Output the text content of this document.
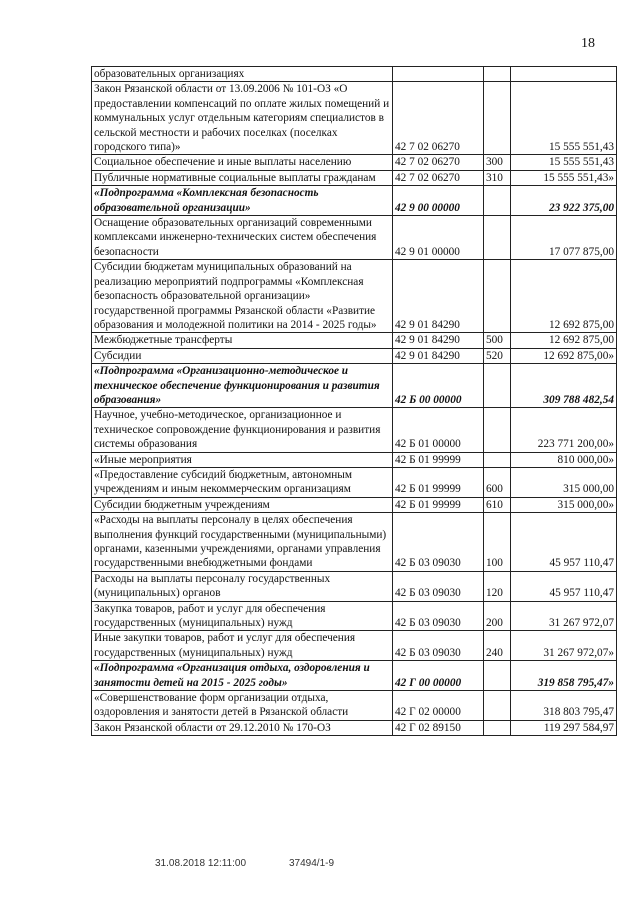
18
образовательных организациях			
Закон Рязанской области от 13.09.2006 № 101-ОЗ «О предоставлении компенсаций по оплате жилых помещений и коммунальных услуг отдельным категориям специалистов в сельской местности и рабочих поселках (поселках городского типа)»	42 7 02 06270		15 555 551,43
Социальное обеспечение и иные выплаты населению	42 7 02 06270	300	15 555 551,43
Публичные нормативные социальные выплаты гражданам	42 7 02 06270	310	15 555 551,43»
«Подпрограмма «Комплексная безопасность образовательной организации»	42 9 00 00000		23 922 375,00
Оснащение образовательных организаций современными комплексами инженерно-технических систем обеспечения безопасности	42 9 01 00000		17 077 875,00
Субсидии бюджетам муниципальных образований на реализацию мероприятий подпрограммы «Комплексная безопасность образовательной организации» государственной программы Рязанской области «Развитие образования и молодежной политики на 2014 - 2025 годы»	42 9 01 84290		12 692 875,00
Межбюджетные трансферты	42 9 01 84290	500	12 692 875,00
Субсидии	42 9 01 84290	520	12 692 875,00»
«Подпрограмма «Организационно-методическое и техническое обеспечение функционирования и развития образования»	42 Б 00 00000		309 788 482,54
Научное, учебно-методическое, организационное и техническое сопровождение функционирования и развития системы образования	42 Б 01 00000		223 771 200,00»
«Иные мероприятия	42 Б 01 99999		810 000,00»
«Предоставление субсидий бюджетным, автономным учреждениям и иным некоммерческим организациям	42 Б 01 99999	600	315 000,00
Субсидии бюджетным учреждениям	42 Б 01 99999	610	315 000,00»
«Расходы на выплаты персоналу в целях обеспечения выполнения функций государственными (муниципальными) органами, казенными учреждениями, органами управления государственными внебюджетными фондами	42 Б 03 09030	100	45 957 110,47
Расходы на выплаты персоналу государственных (муниципальных) органов	42 Б 03 09030	120	45 957 110,47
Закупка товаров, работ и услуг для обеспечения государственных (муниципальных) нужд	42 Б 03 09030	200	31 267 972,07
Иные закупки товаров, работ и услуг для обеспечения государственных (муниципальных) нужд	42 Б 03 09030	240	31 267 972,07»
«Подпрограмма «Организация отдыха, оздоровления и занятости детей на 2015 - 2025 годы»	42 Г 00 00000		319 858 795,47»
«Совершенствование форм организации отдыха, оздоровления и занятости детей в Рязанской области	42 Г 02 00000		318 803 795,47
Закон Рязанской области от 29.12.2010 № 170-ОЗ	42 Г 02 89150		119 297 584,97
31.08.2018 12:11:00	37494/1-9
